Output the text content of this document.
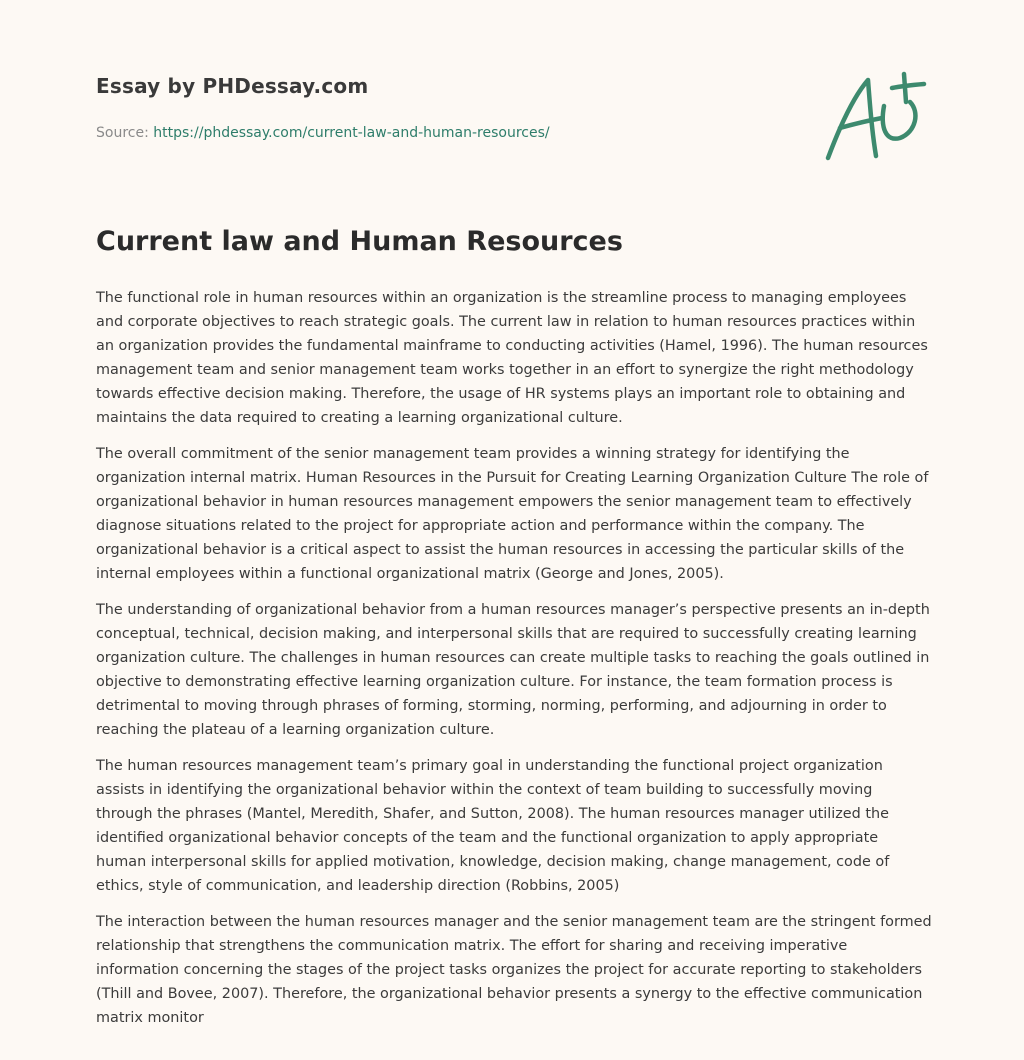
Essay by PHDessay.com
Source: https://phdessay.com/current-law-and-human-resources/
Current law and Human Resources

The functional role in human resources within an organization is the streamline process to managing employees and corporate objectives to reach strategic goals. The current law in relation to human resources practices within an organization provides the fundamental mainframe to conducting activities (Hamel, 1996). The human resources management team and senior management team works together in an effort to synergize the right methodology towards effective decision making. Therefore, the usage of HR systems plays an important role to obtaining and maintains the data required to creating a learning organizational culture.

The overall commitment of the senior management team provides a winning strategy for identifying the organization internal matrix. Human Resources in the Pursuit for Creating Learning Organization Culture The role of organizational behavior in human resources management empowers the senior management team to effectively diagnose situations related to the project for appropriate action and performance within the company. The organizational behavior is a critical aspect to assist the human resources in accessing the particular skills of the internal employees within a functional organizational matrix (George and Jones, 2005).

The understanding of organizational behavior from a human resources manager’s perspective presents an in-depth conceptual, technical, decision making, and interpersonal skills that are required to successfully creating learning organization culture. The challenges in human resources can create multiple tasks to reaching the goals outlined in objective to demonstrating effective learning organization culture. For instance, the team formation process is detrimental to moving through phrases of forming, storming, norming, performing, and adjourning in order to reaching the plateau of a learning organization culture.

The human resources management team’s primary goal in understanding the functional project organization assists in identifying the organizational behavior within the context of team building to successfully moving through the phrases (Mantel, Meredith, Shafer, and Sutton, 2008). The human resources manager utilized the identified organizational behavior concepts of the team and the functional organization to apply appropriate human interpersonal skills for applied motivation, knowledge, decision making, change management, code of ethics, style of communication, and leadership direction (Robbins, 2005)

The interaction between the human resources manager and the senior management team are the stringent formed relationship that strengthens the communication matrix. The effort for sharing and receiving imperative information concerning the stages of the project tasks organizes the project for accurate reporting to stakeholders (Thill and Bovee, 2007). Therefore, the organizational behavior presents a synergy to the effective communication matrix monitor
